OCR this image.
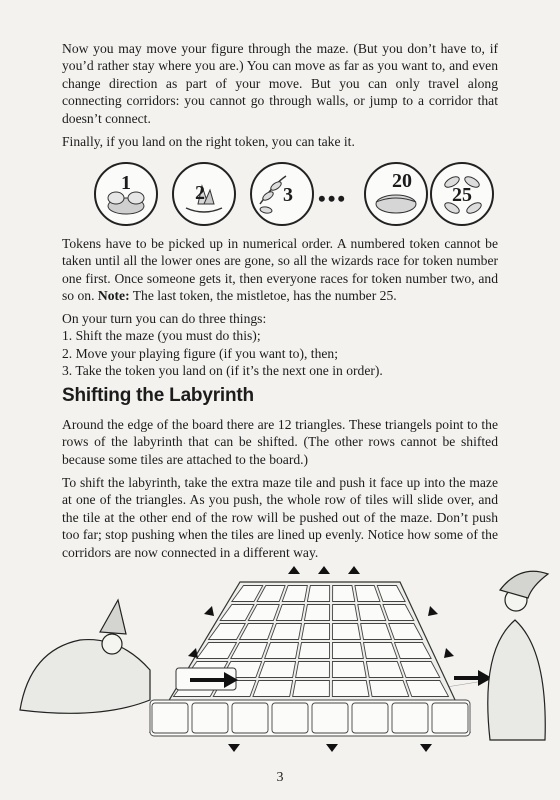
Now you may move your figure through the maze. (But you don’t have to, if you’d rather stay where you are.) You can move as far as you want to, and even change direction as part of your move. But you can only travel along connecting corridors: you cannot go through walls, or jump to a corridor that doesn’t connect.

Finally, if you land on the right token, you can take it.

1	2	3	•••
20
25

Tokens have to be picked up in numerical order. A numbered token cannot be taken until all the lower ones are gone, so all the wizards race for token number one first. Once someone gets it, then everyone races for token number two, and so on. Note: The last token, the mistletoe, has the number 25.

On your turn you can do three things:

1. Shift the maze (you must do this);
2. Move your playing figure (if you want to), then;
3. Take the token you land on (if it’s the next one in order).
Shifting the Labyrinth

Around the edge of the board there are 12 triangles. These triangels point to the rows of the labyrinth that can be shifted. (The other rows cannot be shifted because some tiles are attached to the board.)

To shift the labyrinth, take the extra maze tile and push it face up into the maze at one of the triangles. As you push, the whole row of tiles will slide over, and the tile at the other end of the row will be pushed out of the maze. Don’t push too far; stop pushing when the tiles are lined up evenly. Notice how some of the corridors are now connected in a different way.

3
